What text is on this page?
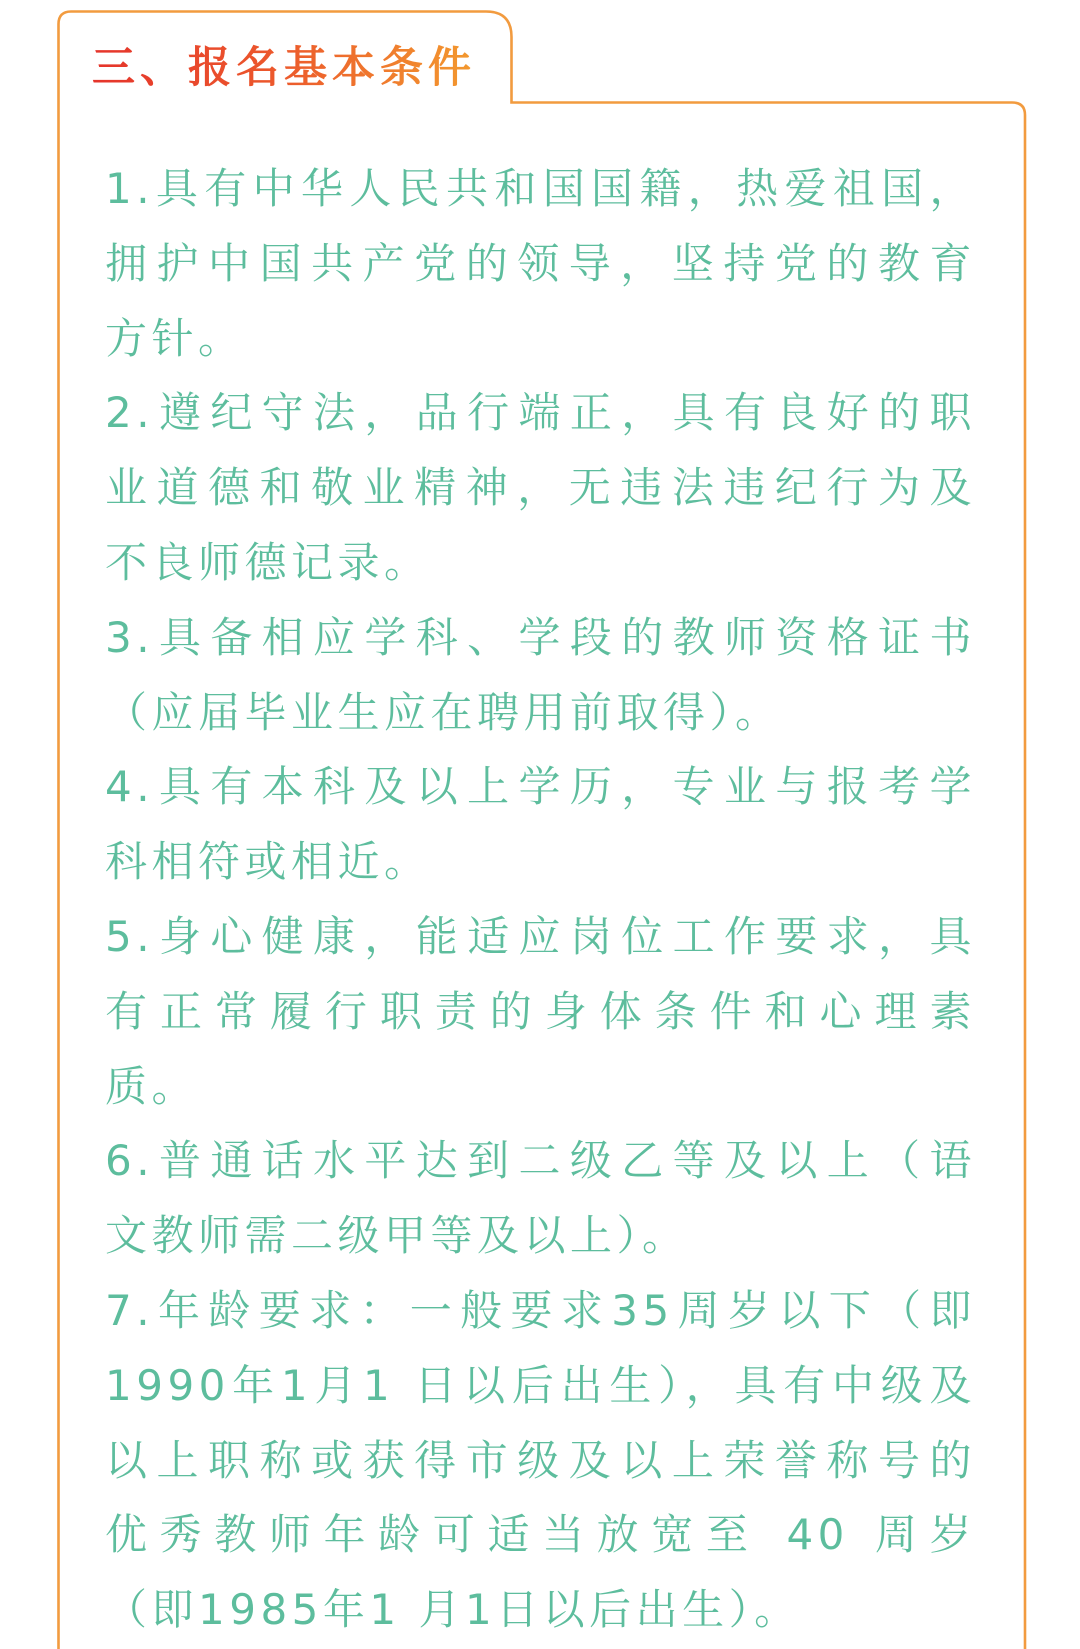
三、报名基本条件
1.具有中华人民共和国国籍，热爱祖国，
拥护中国共产党的领导，坚持党的教育
方针。
2.遵纪守法，品行端正，具有良好的职
业道德和敬业精神，无违法违纪行为及
不良师德记录。
3.具备相应学科、学段的教师资格证书
（应届毕业生应在聘用前取得）。
4.具有本科及以上学历，专业与报考学
科相符或相近。
5.身心健康，能适应岗位工作要求，具
有正常履行职责的身体条件和心理素
质。
6.普通话水平达到二级乙等及以上（语
文教师需二级甲等及以上）。
7.年龄要求：一般要求35周岁以下（即
1990年1月1 日以后出生），具有中级及
以上职称或获得市级及以上荣誉称号的
优秀教师年龄可适当放宽至 40 周岁
（即1985年1 月1日以后出生）。
